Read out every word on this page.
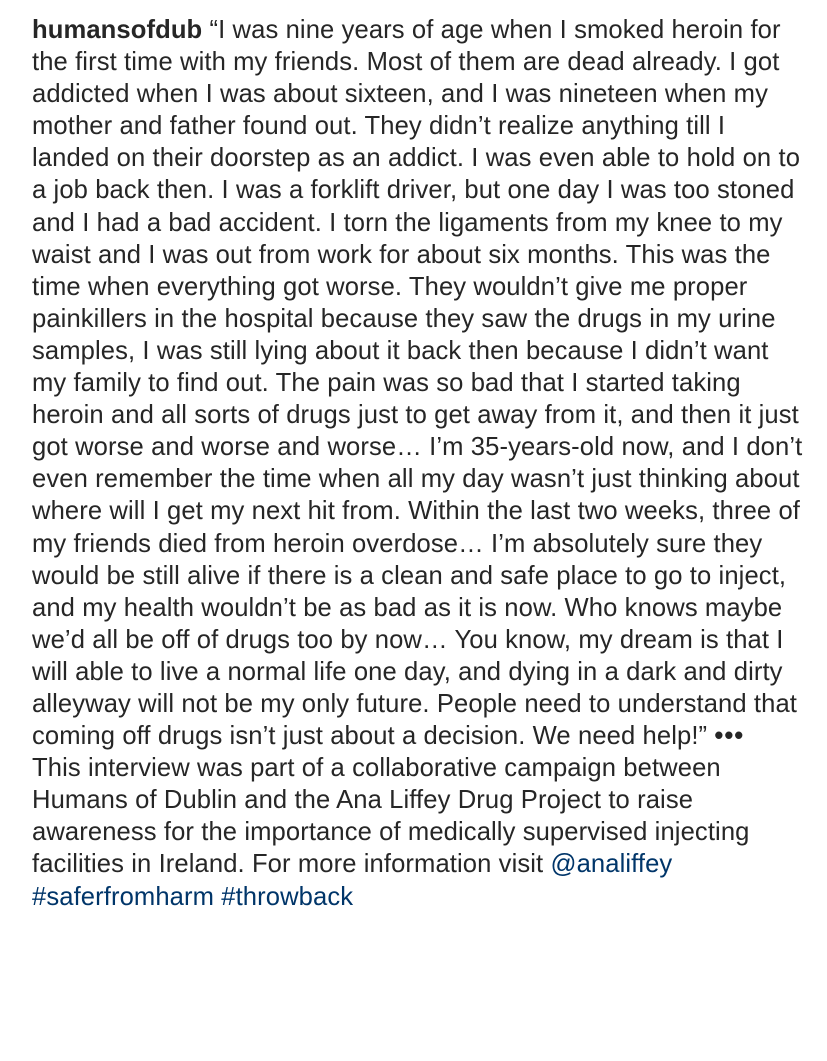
humansofdub “I was nine years of age when I smoked heroin for the first time with my friends. Most of them are dead already. I got addicted when I was about sixteen, and I was nineteen when my mother and father found out. They didn’t realize anything till I landed on their doorstep as an addict. I was even able to hold on to a job back then. I was a forklift driver, but one day I was too stoned and I had a bad accident. I torn the ligaments from my knee to my waist and I was out from work for about six months. This was the time when everything got worse. They wouldn’t give me proper painkillers in the hospital because they saw the drugs in my urine samples, I was still lying about it back then because I didn’t want my family to find out. The pain was so bad that I started taking heroin and all sorts of drugs just to get away from it, and then it just got worse and worse and worse… I’m 35-years-old now, and I don’t even remember the time when all my day wasn’t just thinking about where will I get my next hit from. Within the last two weeks, three of my friends died from heroin overdose… I’m absolutely sure they would be still alive if there is a clean and safe place to go to inject, and my health wouldn’t be as bad as it is now. Who knows maybe we’d all be off of drugs too by now… You know, my dream is that I will able to live a normal life one day, and dying in a dark and dirty alleyway will not be my only future. People need to understand that coming off drugs isn’t just about a decision. We need help!” •••

This interview was part of a collaborative campaign between Humans of Dublin and the Ana Liffey Drug Project to raise awareness for the importance of medically supervised injecting facilities in Ireland. For more information visit @analiffey #saferfromharm #throwback
